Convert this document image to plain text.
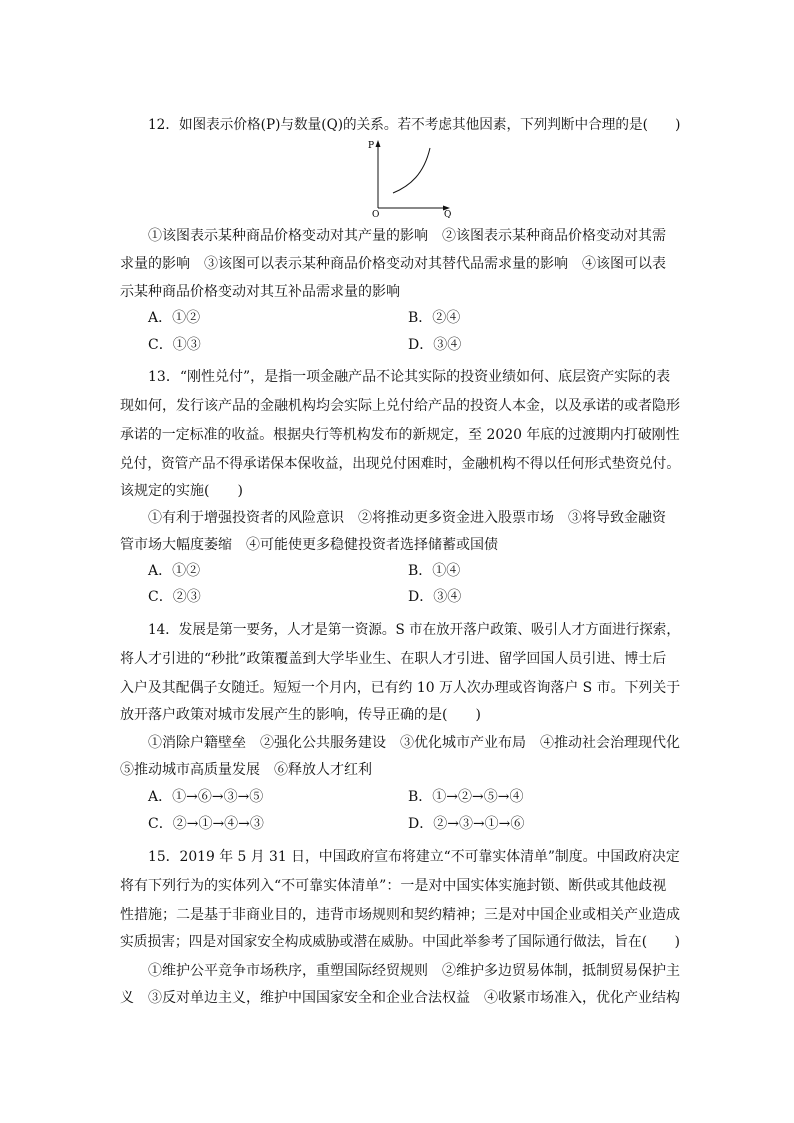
12．如图表示价格(P)与数量(Q)的关系。若不考虑其他因素，下列判断中合理的是(　　)
P
O	Q
①该图表示某种商品价格变动对其产量的影响　②该图表示某种商品价格变动对其需
求量的影响　③该图可以表示某种商品价格变动对其替代品需求量的影响　④该图可以表
示某种商品价格变动对其互补品需求量的影响
A．①②	B．②④
C．①③	D．③④
13．“刚性兑付”，是指一项金融产品不论其实际的投资业绩如何、底层资产实际的表
现如何，发行该产品的金融机构均会实际上兑付给产品的投资人本金，以及承诺的或者隐形
承诺的一定标准的收益。根据央行等机构发布的新规定，至 2020 年底的过渡期内打破刚性
兑付，资管产品不得承诺保本保收益，出现兑付困难时，金融机构不得以任何形式垫资兑付。
该规定的实施(　　)
①有利于增强投资者的风险意识　②将推动更多资金进入股票市场　③将导致金融资
管市场大幅度萎缩　④可能使更多稳健投资者选择储蓄或国债
A．①②	B．①④
C．②③	D．③④
14．发展是第一要务，人才是第一资源。S 市在放开落户政策、吸引人才方面进行探索，
将人才引进的“秒批”政策覆盖到大学毕业生、在职人才引进、留学回国人员引进、博士后
入户及其配偶子女随迁。短短一个月内，已有约 10 万人次办理或咨询落户 S 市。下列关于
放开落户政策对城市发展产生的影响，传导正确的是(　　)
①消除户籍壁垒　②强化公共服务建设　③优化城市产业布局　④推动社会治理现代化
⑤推动城市高质量发展　⑥释放人才红利
A．①→⑥→③→⑤	B．①→②→⑤→④
C．②→①→④→③	D．②→③→①→⑥
15．2019 年 5 月 31 日，中国政府宣布将建立“不可靠实体清单”制度。中国政府决定
将有下列行为的实体列入“不可靠实体清单”：一是对中国实体实施封锁、断供或其他歧视
性措施；二是基于非商业目的，违背市场规则和契约精神；三是对中国企业或相关产业造成
实质损害；四是对国家安全构成威胁或潜在威胁。中国此举参考了国际通行做法，旨在(　　)
①维护公平竞争市场秩序，重塑国际经贸规则　②维护多边贸易体制，抵制贸易保护主
义　③反对单边主义，维护中国国家安全和企业合法权益　④收紧市场准入，优化产业结构
